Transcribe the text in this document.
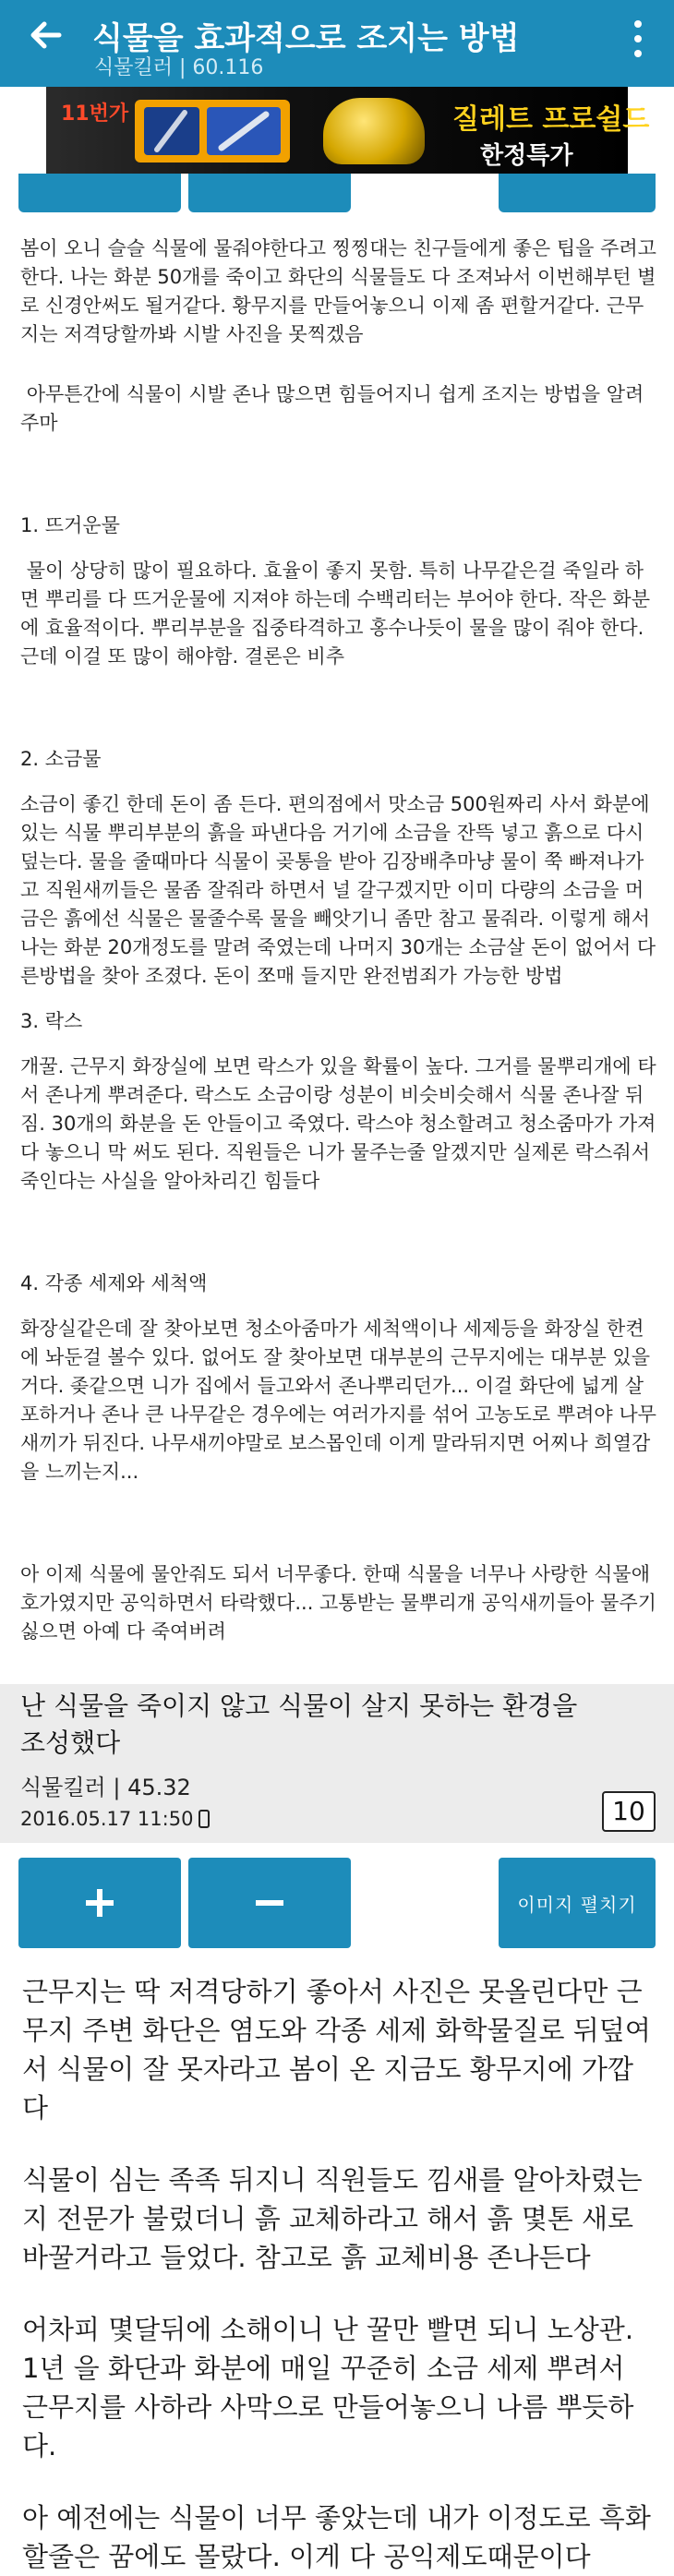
식물을 효과적으로 조지는 방법
식물킬러 | 60.116
11번가	질레트 프로쉴드
한정특가

봄이 오니 슬슬 식물에 물줘야한다고 찡찡대는 친구들에게 좋은 팁을 주려고 한다. 나는 화분 50개를 죽이고 화단의 식물들도 다 조져놔서 이번해부턴 별로 신경안써도 될거같다. 황무지를 만들어놓으니 이제 좀 편할거같다. 근무지는 저격당할까봐 시발 사진을 못찍겠음

아무튼간에 식물이 시발 존나 많으면 힘들어지니 쉽게 조지는 방법을 알려주마

1. 뜨거운물

물이 상당히 많이 필요하다. 효율이 좋지 못함. 특히 나무같은걸 죽일라 하면 뿌리를 다 뜨거운물에 지져야 하는데 수백리터는 부어야 한다. 작은 화분에 효율적이다. 뿌리부분을 집중타격하고 홍수나듯이 물을 많이 줘야 한다. 근데 이걸 또 많이 해야함. 결론은 비추

2. 소금물

소금이 좋긴 한데 돈이 좀 든다. 편의점에서 맛소금 500원짜리 사서 화분에 있는 식물 뿌리부분의 흙을 파낸다음 거기에 소금을 잔뜩 넣고 흙으로 다시 덮는다. 물을 줄때마다 식물이 곶통을 받아 김장배추마냥 물이 쭉 빠져나가고 직원새끼들은 물좀 잘줘라 하면서 널 갈구겠지만 이미 다량의 소금을 머금은 흙에선 식물은 물줄수록 물을 빼앗기니 좀만 참고 물줘라. 이렇게 해서 나는 화분 20개정도를 말려 죽였는데 나머지 30개는 소금살 돈이 없어서 다른방법을 찾아 조졌다. 돈이 쪼매 들지만 완전범죄가 가능한 방법

3. 락스

개꿀. 근무지 화장실에 보면 락스가 있을 확률이 높다. 그거를 물뿌리개에 타서 존나게 뿌려준다. 락스도 소금이랑 성분이 비슷비슷해서 식물 존나잘 뒤짐. 30개의 화분을 돈 안들이고 죽였다. 락스야 청소할려고 청소줌마가 가져다 놓으니 막 써도 된다. 직원들은 니가 물주는줄 알겠지만 실제론 락스줘서 죽인다는 사실을 알아차리긴 힘들다

4. 각종 세제와 세척액

화장실같은데 잘 찾아보면 청소아줌마가 세척액이나 세제등을 화장실 한켠에 놔둔걸 볼수 있다. 없어도 잘 찾아보면 대부분의 근무지에는 대부분 있을거다. 좆같으면 니가 집에서 들고와서 존나뿌리던가... 이걸 화단에 넓게 살포하거나 존나 큰 나무같은 경우에는 여러가지를 섞어 고농도로 뿌려야 나무새끼가 뒤진다. 나무새끼야말로 보스몹인데 이게 말라뒤지면 어찌나 희열감을 느끼는지...

아 이제 식물에 물안줘도 되서 너무좋다. 한때 식물을 너무나 사랑한 식물애호가였지만 공익하면서 타락했다... 고통받는 물뿌리개 공익새끼들아 물주기 싫으면 아예 다 죽여버려

난 식물을 죽이지 않고 식물이 살지 못하는 환경을 조성했다
식물킬러 | 45.32
2016.05.17 11:50	10
이미지 펼치기

근무지는 딱 저격당하기 좋아서 사진은 못올린다만 근무지 주변 화단은 염도와 각종 세제 화학물질로 뒤덮여서 식물이 잘 못자라고 봄이 온 지금도 황무지에 가깝다

식물이 심는 족족 뒤지니 직원들도 낌새를 알아차렸는지 전문가 불렀더니 흙 교체하라고 해서 흙 몇톤 새로 바꿀거라고 들었다. 참고로 흙 교체비용 존나든다

어차피 몇달뒤에 소해이니 난 꿀만 빨면 되니 노상관. 1년 을 화단과 화분에 매일 꾸준히 소금 세제 뿌려서 근무지를 사하라 사막으로 만들어놓으니 나름 뿌듯하다.

아 예전에는 식물이 너무 좋았는데 내가 이정도로 흑화할줄은 꿈에도 몰랐다. 이게 다 공익제도때문이다
